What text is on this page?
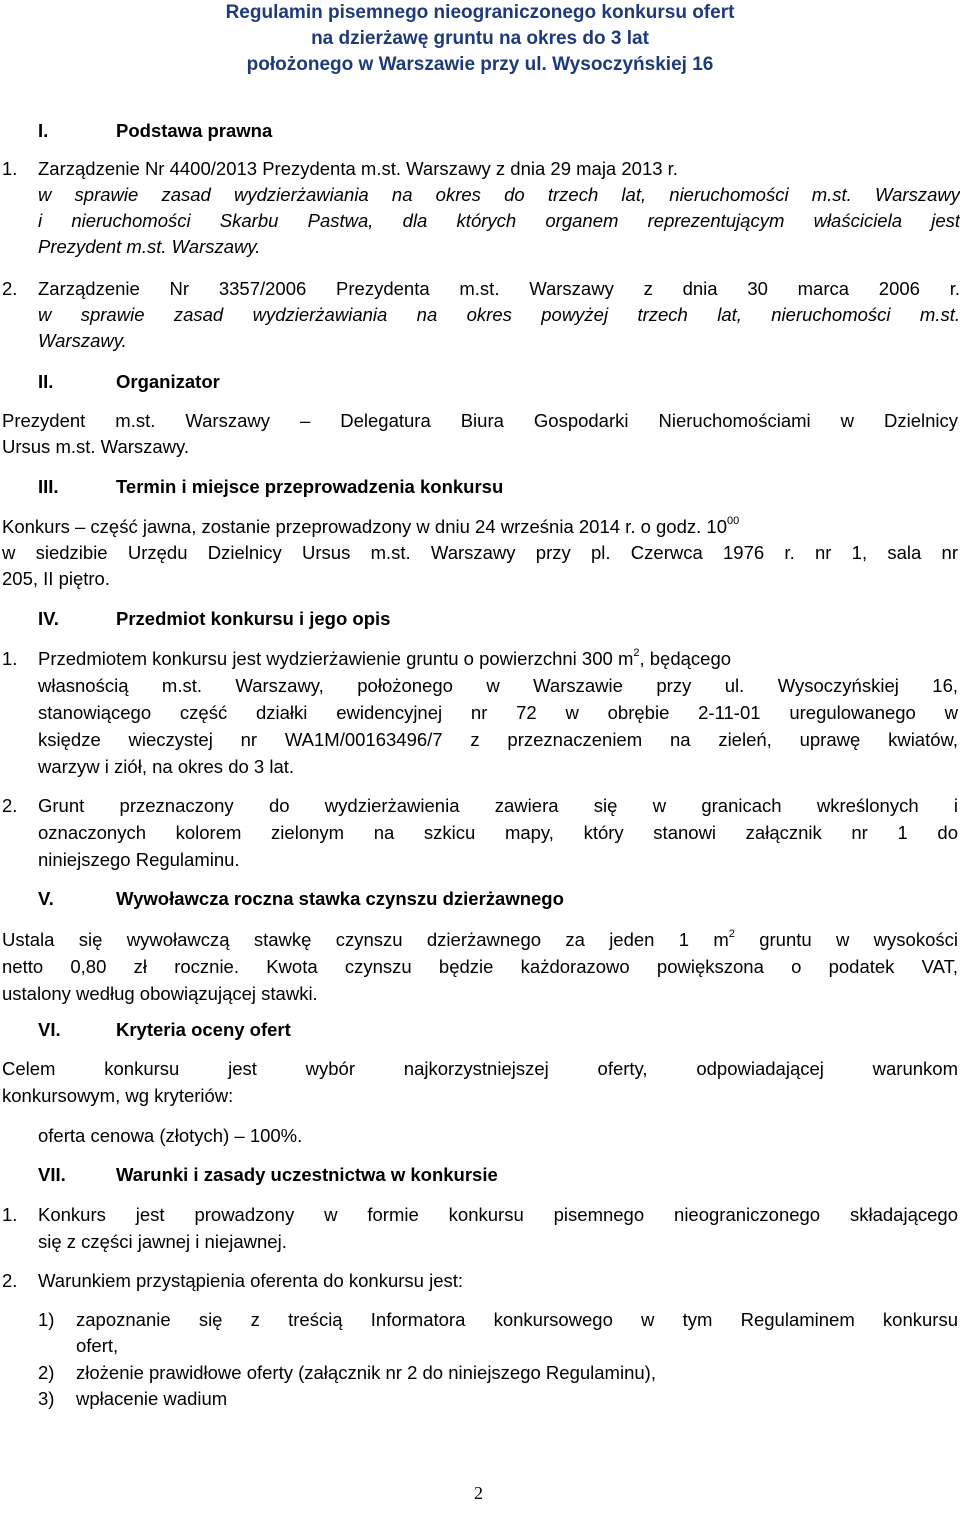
Regulamin pisemnego nieograniczonego konkursu ofert
na dzierżawę gruntu na okres do 3 lat
położonego w Warszawie przy ul. Wysoczyńskiej 16
I.	Podstawa prawna
1. Zarządzenie Nr 4400/2013 Prezydenta m.st. Warszawy z dnia 29 maja 2013 r.
w sprawie zasad wydzierżawiania na okres do trzech lat, nieruchomości m.st. Warszawy
i nieruchomości Skarbu Pastwa, dla których organem reprezentującym właściciela jest
Prezydent m.st. Warszawy.
2. Zarządzenie Nr 3357/2006 Prezydenta m.st. Warszawy z dnia 30 marca 2006 r.
w sprawie zasad wydzierżawiania na okres powyżej trzech lat, nieruchomości m.st.
Warszawy.
II.	Organizator
Prezydent m.st. Warszawy – Delegatura Biura Gospodarki Nieruchomościami w Dzielnicy
Ursus m.st. Warszawy.
III.	Termin i miejsce przeprowadzenia konkursu
Konkurs – część jawna, zostanie przeprowadzony w dniu 24 września 2014 r. o godz. $10^{00}$
w siedzibie Urzędu Dzielnicy Ursus m.st. Warszawy przy pl. Czerwca 1976 r. nr 1, sala nr
205, II piętro.
IV.	Przedmiot konkursu i jego opis
1. Przedmiotem konkursu jest wydzierżawienie gruntu o powierzchni 300 $m^2$, będącego
własnością m.st. Warszawy, położonego w Warszawie przy ul. Wysoczyńskiej 16,
stanowiącego część działki ewidencyjnej nr 72 w obrębie 2-11-01 uregulowanego w
księdze wieczystej nr WA1M/00163496/7 z przeznaczeniem na zieleń, uprawę kwiatów,
warzyw i ziół, na okres do 3 lat.
2. Grunt przeznaczony do wydzierżawienia zawiera się w granicach wkreślonych i
oznaczonych kolorem zielonym na szkicu mapy, który stanowi załącznik nr 1 do
niniejszego Regulaminu.
V.	Wywoławcza roczna stawka czynszu dzierżawnego
Ustala się wywoławczą stawkę czynszu dzierżawnego za jeden 1 $m^2$ gruntu w wysokości
netto 0,80 zł rocznie. Kwota czynszu będzie każdorazowo powiększona o podatek VAT,
ustalony według obowiązującej stawki.
VI.	Kryteria oceny ofert
Celem konkursu jest wybór najkorzystniejszej oferty, odpowiadającej warunkom
konkursowym, wg kryteriów:
oferta cenowa (złotych) – 100%.
VII.	Warunki i zasady uczestnictwa w konkursie
1. Konkurs jest prowadzony w formie konkursu pisemnego nieograniczonego składającego
się z części jawnej i niejawnej.
2. Warunkiem przystąpienia oferenta do konkursu jest:
1) zapoznanie się z treścią Informatora konkursowego w tym Regulaminem konkursu
ofert,
2) złożenie prawidłowe oferty (załącznik nr 2 do niniejszego Regulaminu),
3) wpłacenie wadium
2
